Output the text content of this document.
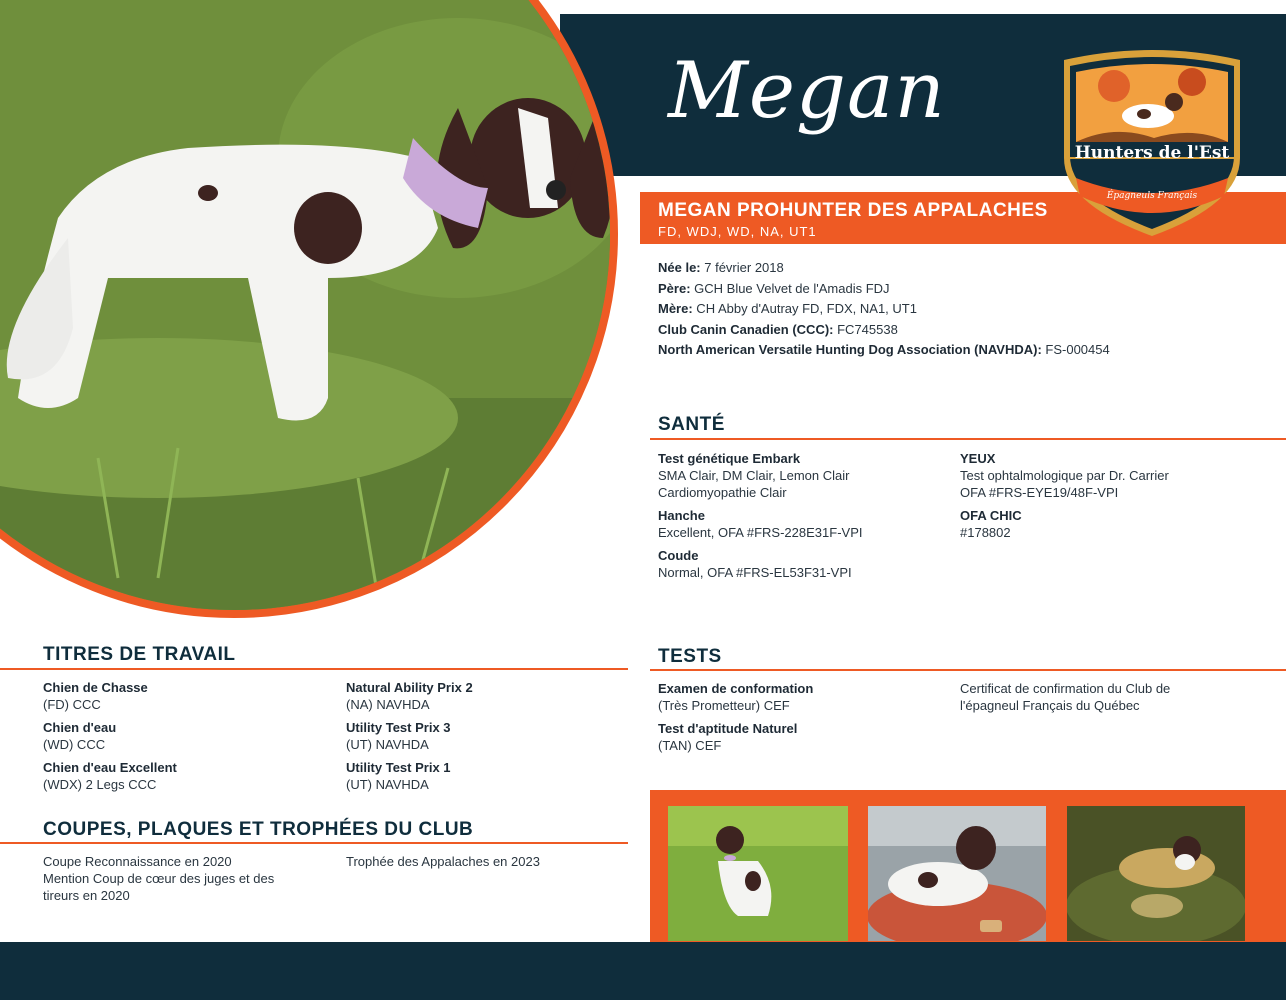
Megan
MEGAN PROHUNTER DES APPALACHES
FD, WDJ, WD, NA, UT1
Hunters de l'Est
Épagneuls Français
Née le: 7 février 2018
Père: GCH Blue Velvet de l'Amadis FDJ
Mère: CH Abby d'Autray FD, FDX, NA1, UT1
Club Canin Canadien (CCC): FC745538
North American Versatile Hunting Dog Association (NAVHDA): FS-000454
SANTÉ
Test génétique Embark
SMA Clair, DM Clair, Lemon Clair
Cardiomyopathie Clair
Hanche
Excellent, OFA #FRS-228E31F-VPI
Coude
Normal, OFA #FRS-EL53F31-VPI
YEUX
Test ophtalmologique par Dr. Carrier
OFA #FRS-EYE19/48F-VPI
OFA CHIC
#178802
TITRES DE TRAVAIL
Chien de Chasse
(FD) CCC
Chien d'eau
(WD) CCC
Chien d'eau Excellent
(WDX) 2 Legs CCC
Natural Ability Prix 2
(NA) NAVHDA
Utility Test Prix 3
(UT) NAVHDA
Utility Test Prix 1
(UT) NAVHDA
TESTS
Examen de conformation
(Très Prometteur) CEF
Test d'aptitude Naturel
(TAN) CEF
Certificat de confirmation du Club de
l'épagneul Français du Québec
COUPES, PLAQUES ET TROPHÉES DU CLUB
Coupe Reconnaissance en 2020
Mention Coup de cœur des juges et des
tireurs en 2020
Trophée des Appalaches en 2023
